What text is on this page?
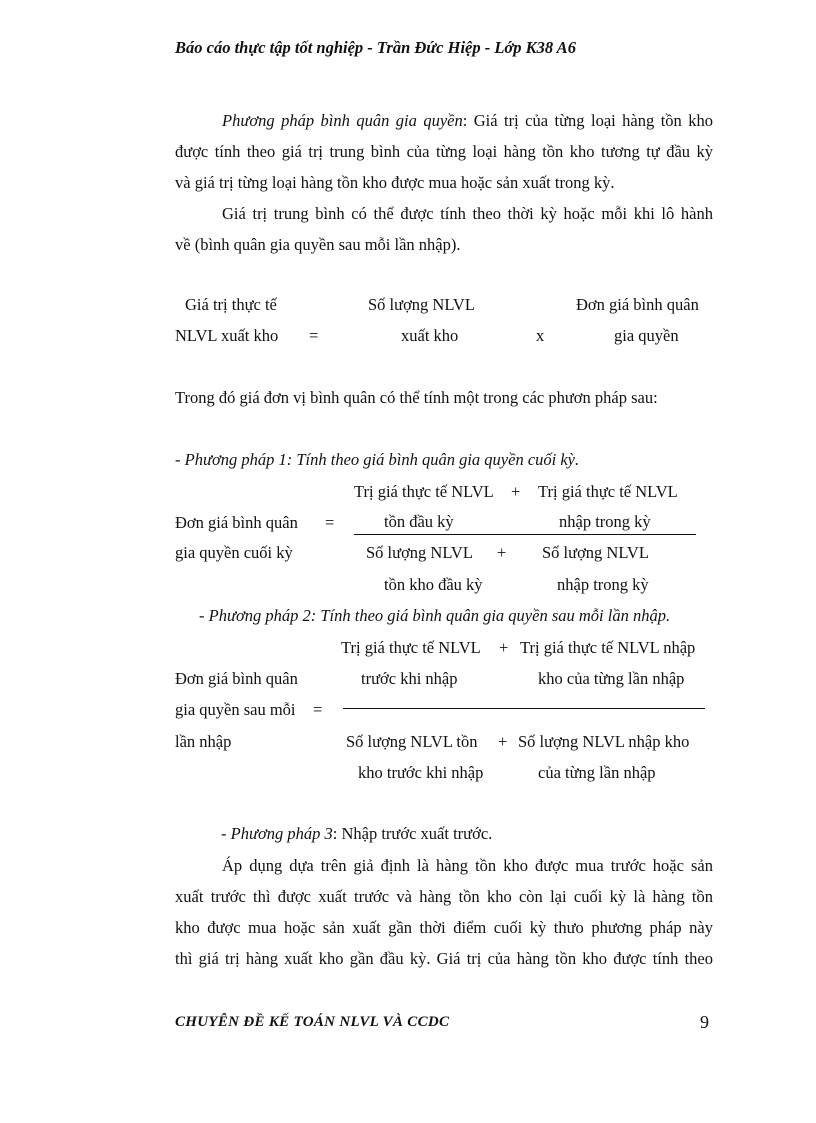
Báo cáo thực tập tốt nghiệp - Trần Đức Hiệp - Lớp K38 A6
Phương pháp bình quân gia quyền: Giá trị của từng loại hàng tồn kho
được tính theo giá trị trung bình của từng loại hàng tồn kho tương tự đầu kỳ
và giá trị từng loại hàng tồn kho được mua hoặc sản xuất trong kỳ.
Giá trị trung bình có thể được tính theo thời kỳ hoặc mỗi khi lô hành
về (bình quân gia quyền sau mỗi lần nhập).
Giá trị thực tế
NLVL xuất kho =
Số lượng NLVL
xuất kho	x
Đơn giá bình quân
gia quyền
Trong đó giá đơn vị bình quân có thể tính một trong các phươn pháp sau:
- Phương pháp 1: Tính theo giá bình quân gia quyền cuối kỳ.
Trị giá thực tế NLVL + Trị giá thực tế NLVL
Đơn giá bình quân =	tồn đầu kỳ	nhập trong kỳ
gia quyền cuối kỳ	Số lượng NLVL + Số lượng NLVL
tồn kho đầu kỳ	nhập trong kỳ
- Phương pháp 2: Tính theo giá bình quân gia quyền sau mỗi lần nhập.
Trị giá thực tế NLVL + Trị giá thực tế NLVL nhập
Đơn giá bình quân	trước khi nhập	kho của từng lần nhập
gia quyền sau mỗi =
lần nhập	Số lượng NLVL tồn + Số lượng NLVL nhập kho
kho trước khi nhập	của từng lần nhập
- Phương pháp 3: Nhập trước xuất trước.
Áp dụng dựa trên giả định là hàng tồn kho được mua trước hoặc sản
xuất trước thì được xuất trước và hàng tồn kho còn lại cuối kỳ là hàng tồn
kho được mua hoặc sản xuất gần thời điểm cuối kỳ thưo phương pháp này
thì giá trị hàng xuất kho gần đầu kỳ. Giá trị của hàng tồn kho được tính theo
CHUYÊN ĐỀ KẾ TOÁN NLVL VÀ CCDC	9
